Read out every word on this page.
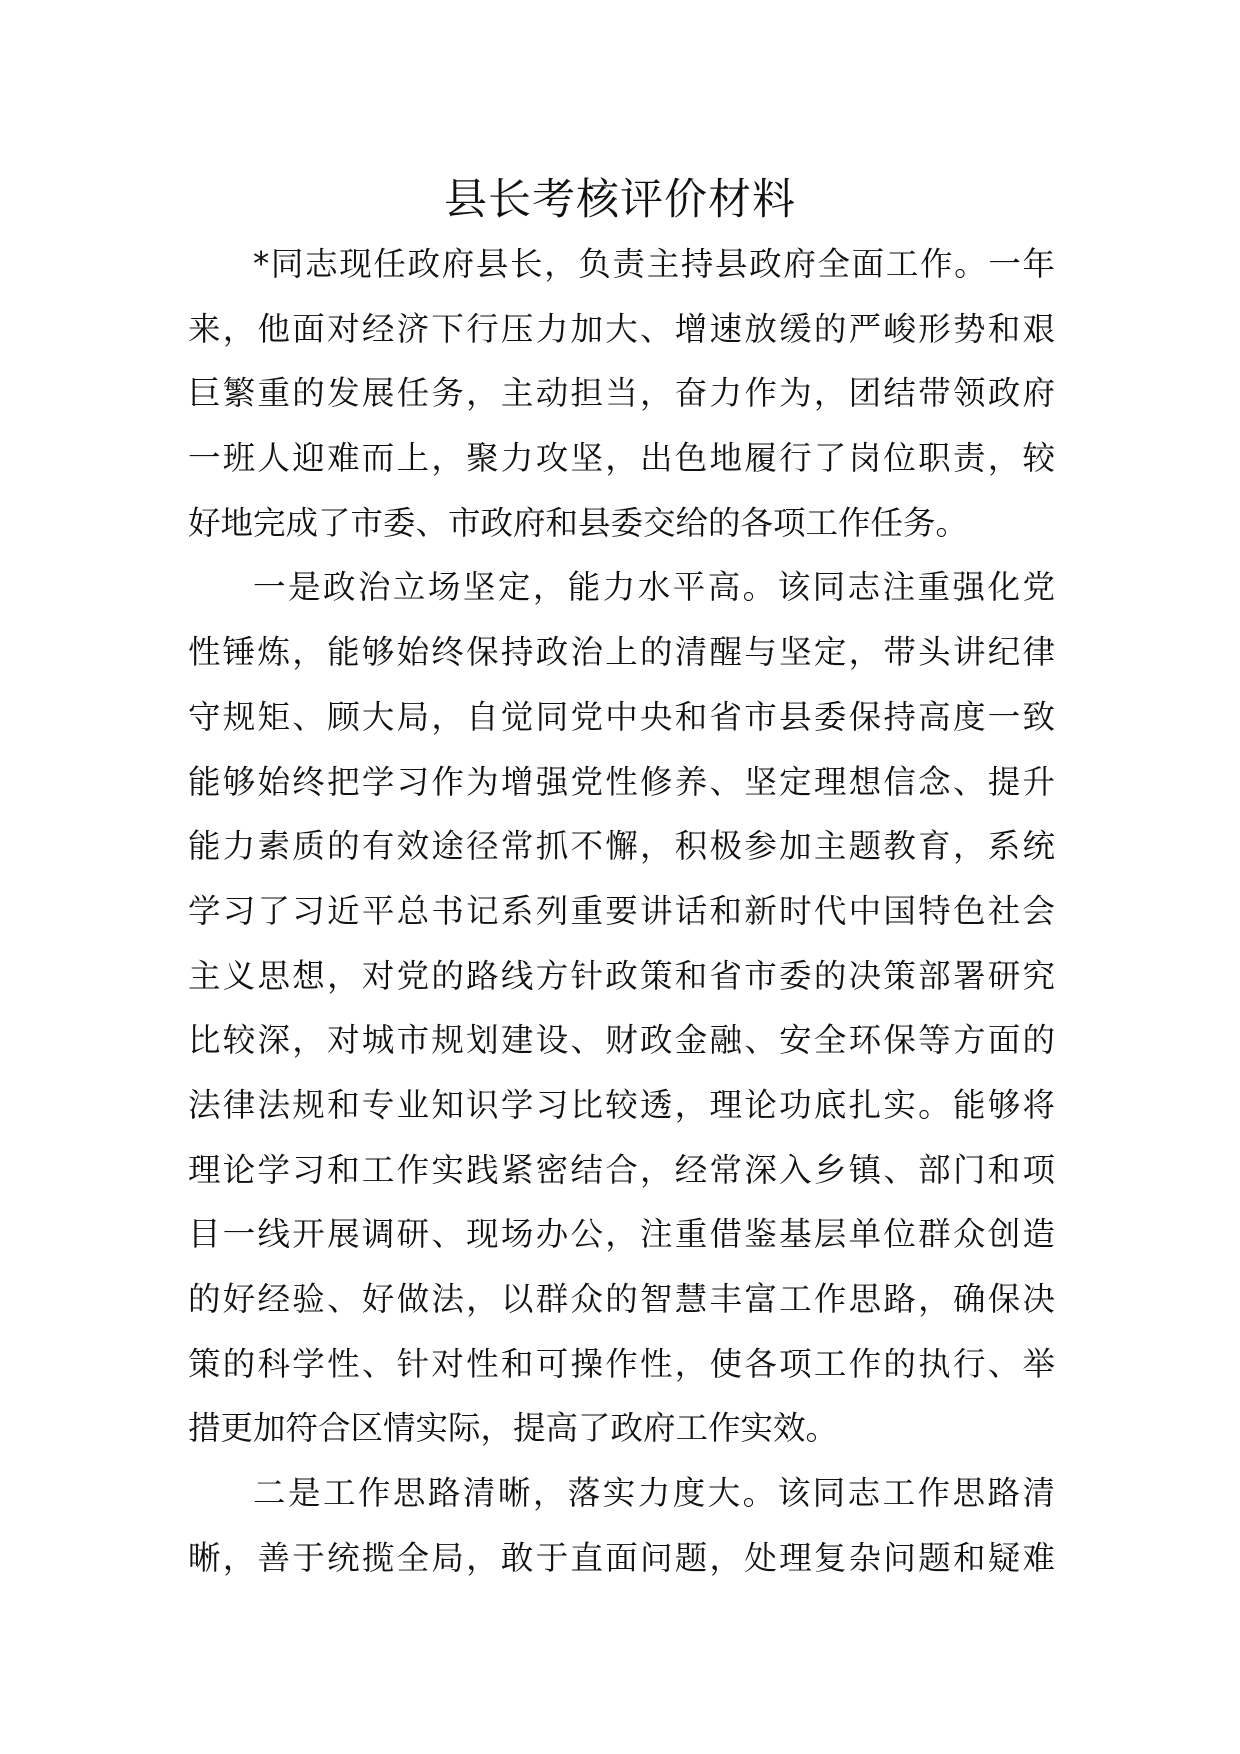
县长考核评价材料
*同志现任政府县长，负责主持县政府全面工作。一年
来，他面对经济下行压力加大、增速放缓的严峻形势和艰
巨繁重的发展任务，主动担当，奋力作为，团结带领政府
一班人迎难而上，聚力攻坚，出色地履行了岗位职责，较
好地完成了市委、市政府和县委交给的各项工作任务。
一是政治立场坚定，能力水平高。该同志注重强化党
性锤炼，能够始终保持政治上的清醒与坚定，带头讲纪律
守规矩、顾大局，自觉同党中央和省市县委保持高度一致
能够始终把学习作为增强党性修养、坚定理想信念、提升
能力素质的有效途径常抓不懈，积极参加主题教育，系统
学习了习近平总书记系列重要讲话和新时代中国特色社会
主义思想，对党的路线方针政策和省市委的决策部署研究
比较深，对城市规划建设、财政金融、安全环保等方面的
法律法规和专业知识学习比较透，理论功底扎实。能够将
理论学习和工作实践紧密结合，经常深入乡镇、部门和项
目一线开展调研、现场办公，注重借鉴基层单位群众创造
的好经验、好做法，以群众的智慧丰富工作思路，确保决
策的科学性、针对性和可操作性，使各项工作的执行、举
措更加符合区情实际，提高了政府工作实效。
二是工作思路清晰，落实力度大。该同志工作思路清
晰，善于统揽全局，敢于直面问题，处理复杂问题和疑难
